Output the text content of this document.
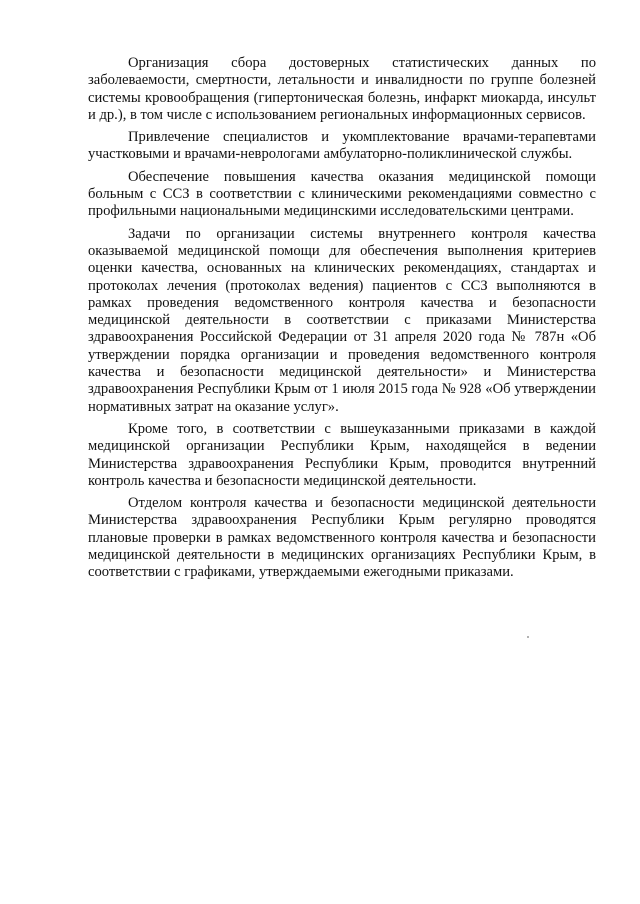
Организация сбора достоверных статистических данных по заболеваемости, смертности, летальности и инвалидности по группе болезней системы кровообращения (гипертоническая болезнь, инфаркт миокарда, инсульт и др.), в том числе с использованием региональных информационных сервисов.

Привлечение специалистов и укомплектование врачами-терапевтами участковыми и врачами-неврологами амбулаторно-поликлинической службы.

Обеспечение повышения качества оказания медицинской помощи больным с ССЗ в соответствии с клиническими рекомендациями совместно с профильными национальными медицинскими исследовательскими центрами.

Задачи по организации системы внутреннего контроля качества оказываемой медицинской помощи для обеспечения выполнения критериев оценки качества, основанных на клинических рекомендациях, стандартах и протоколах лечения (протоколах ведения) пациентов с ССЗ выполняются в рамках проведения ведомственного контроля качества и безопасности медицинской деятельности в соответствии с приказами Министерства здравоохранения Российской Федерации от 31 апреля 2020 года № 787н «Об утверждении порядка организации и проведения ведомственного контроля качества и безопасности медицинской деятельности» и Министерства здравоохранения Республики Крым от 1 июля 2015 года № 928 «Об утверждении нормативных затрат на оказание услуг».

Кроме того, в соответствии с вышеуказанными приказами в каждой медицинской организации Республики Крым, находящейся в ведении Министерства здравоохранения Республики Крым, проводится внутренний контроль качества и безопасности медицинской деятельности.

Отделом контроля качества и безопасности медицинской деятельности Министерства здравоохранения Республики Крым регулярно проводятся плановые проверки в рамках ведомственного контроля качества и безопасности медицинской деятельности в медицинских организациях Республики Крым, в соответствии с графиками, утверждаемыми ежегодными приказами.
